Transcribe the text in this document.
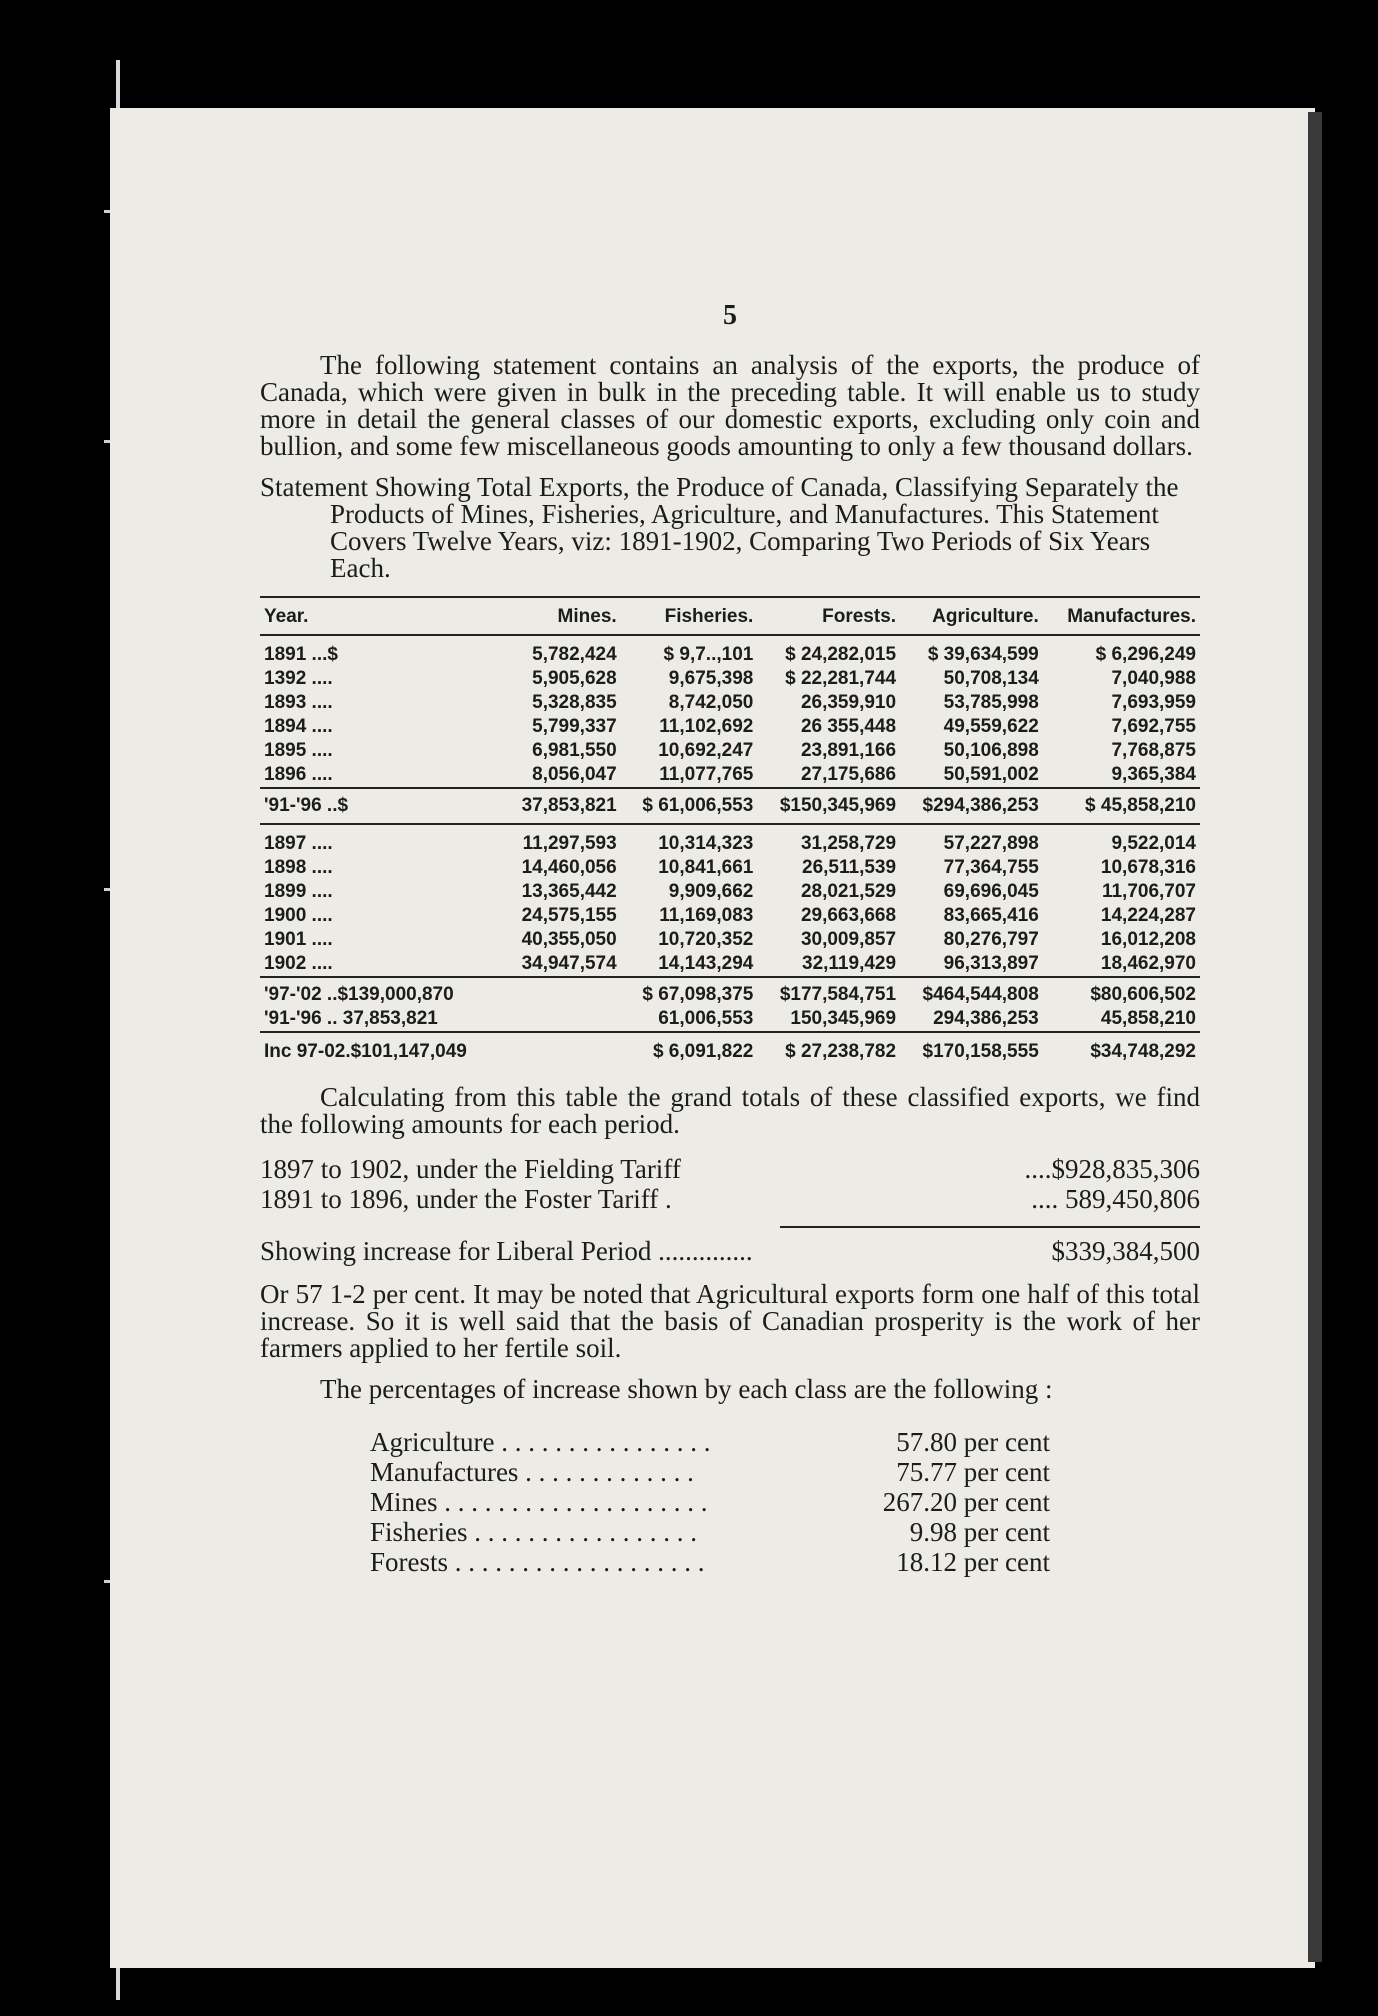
5

The following statement contains an analysis of the exports, the produce of Canada, which were given in bulk in the preceding table. It will enable us to study more in detail the general classes of our domestic exports, excluding only coin and bullion, and some few miscellaneous goods amounting to only a few thousand dollars.

Statement Showing Total Exports, the Produce of Canada, Classifying Separately the Products of Mines, Fisheries, Agriculture, and Manufactures. This Statement Covers Twelve Years, viz: 1891-1902, Comparing Two Periods of Six Years Each.
Year.	Mines.	Fisheries.	Forests.	Agriculture.	Manufactures.
1891 ...$	5,782,424	$ 9,7..,101	$ 24,282,015	$ 39,634,599	$ 6,296,249
1392 ....	5,905,628	9,675,398	$ 22,281,744	50,708,134	7,040,988
1893 ....	5,328,835	8,742,050	26,359,910	53,785,998	7,693,959
1894 ....	5,799,337	11,102,692	26 355,448	49,559,622	7,692,755
1895 ....	6,981,550	10,692,247	23,891,166	50,106,898	7,768,875
1896 ....	8,056,047	11,077,765	27,175,686	50,591,002	9,365,384
'91-'96 ..$	37,853,821	$ 61,006,553	$150,345,969	$294,386,253	$ 45,858,210
1897 ....	11,297,593	10,314,323	31,258,729	57,227,898	9,522,014
1898 ....	14,460,056	10,841,661	26,511,539	77,364,755	10,678,316
1899 ....	13,365,442	9,909,662	28,021,529	69,696,045	11,706,707
1900 ....	24,575,155	11,169,083	29,663,668	83,665,416	14,224,287
1901 ....	40,355,050	10,720,352	30,009,857	80,276,797	16,012,208
1902 ....	34,947,574	14,143,294	32,119,429	96,313,897	18,462,970
'97-'02 ..$139,000,870		$ 67,098,375	$177,584,751	$464,544,808	$80,606,502
'91-'96 .. 37,853,821		61,006,553	150,345,969	294,386,253	45,858,210
Inc 97-02.$101,147,049		$ 6,091,822	$ 27,238,782	$170,158,555	$34,748,292

Calculating from this table the grand totals of these classified exports, we find the following amounts for each period.

1897 to 1902, under the Fielding Tariff	....$928,835,306
1891 to 1896, under the Foster Tariff .	.... 589,450,806
Showing increase for Liberal Period ..............	$339,384,500

Or 57 1-2 per cent. It may be noted that Agricultural exports form one half of this total increase. So it is well said that the basis of Canadian prosperity is the work of her farmers applied to her fertile soil.

The percentages of increase shown by each class are the following :

Agriculture . . . . . . . . . . . . . . . .	57.80 per cent
Manufactures . . . . . . . . . . . . .	75.77 per cent
Mines . . . . . . . . . . . . . . . . . . . .	267.20 per cent
Fisheries . . . . . . . . . . . . . . . . .	9.98 per cent
Forests . . . . . . . . . . . . . . . . . . .	18.12 per cent
